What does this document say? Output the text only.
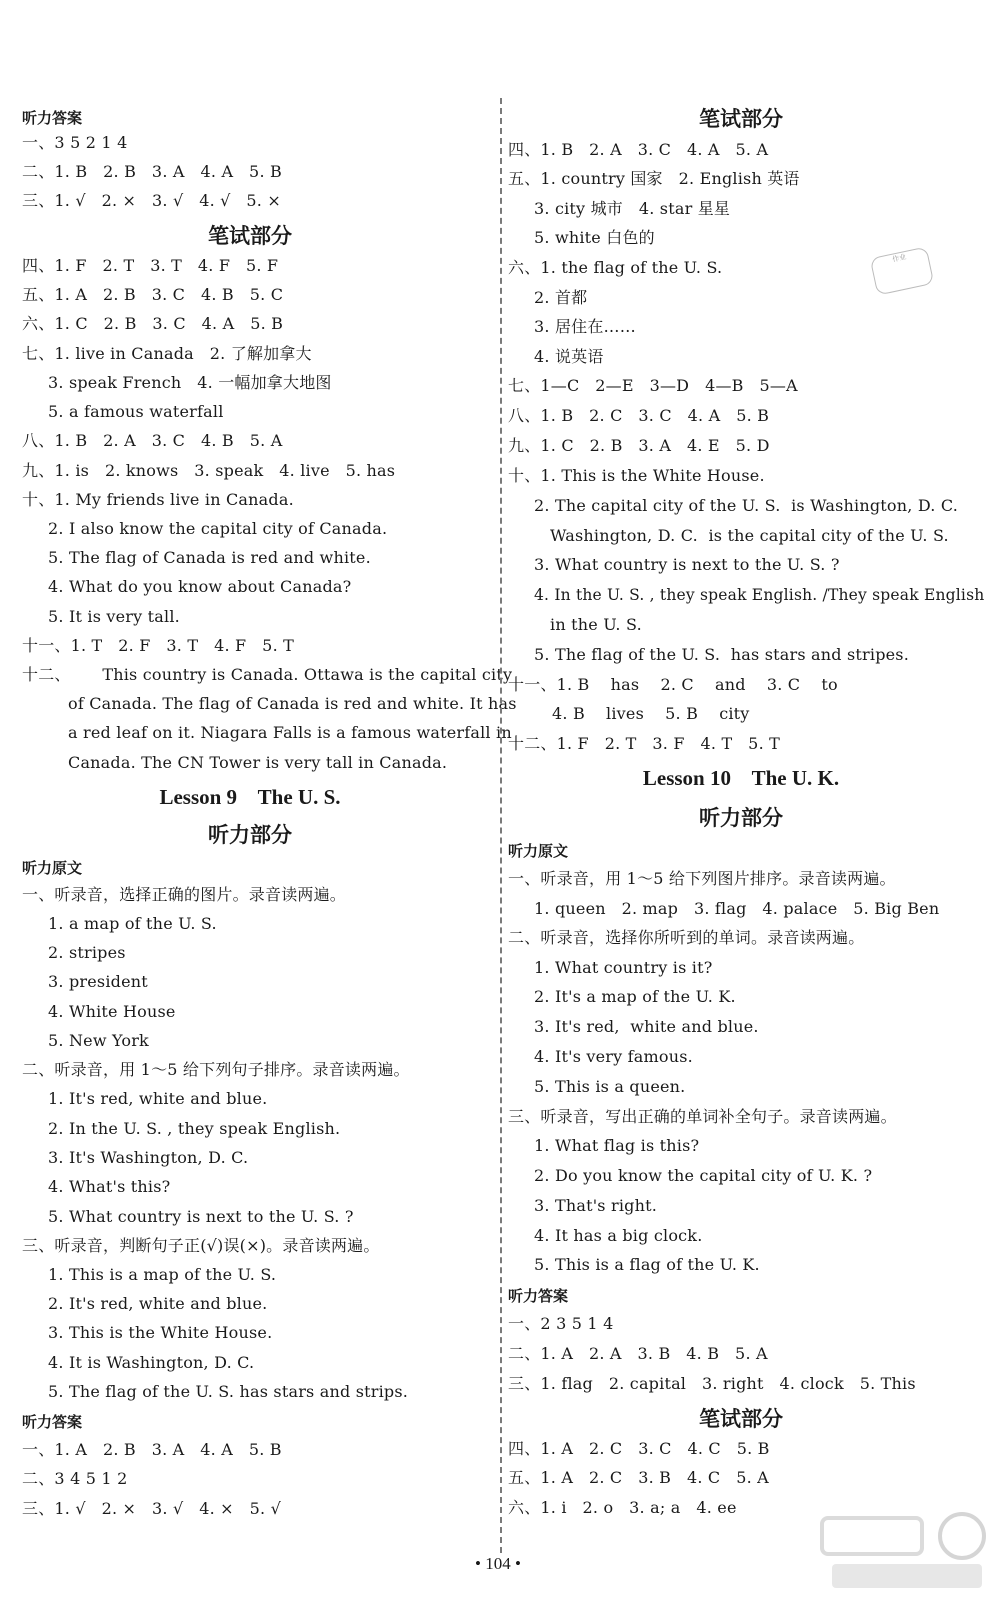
听力答案
一、3 5 2 1 4
二、1. B   2. B   3. A   4. A   5. B
三、1. √   2. ×   3. √   4. √   5. ×
笔试部分
四、1. F   2. T   3. T   4. F   5. F
五、1. A   2. B   3. C   4. B   5. C
六、1. C   2. B   3. C   4. A   5. B
七、1. live in Canada   2. 了解加拿大
3. speak French   4. 一幅加拿大地图
5. a famous waterfall
八、1. B   2. A   3. C   4. B   5. A
九、1. is   2. knows   3. speak   4. live   5. has
十、1. My friends live in Canada.
2. I also know the capital city of Canada.
5. The flag of Canada is red and white.
4. What do you know about Canada?
5. It is very tall.
十一、1. T   2. F   3. T   4. F   5. T
十二、      This country is Canada. Ottawa is the capital city
of Canada. The flag of Canada is red and white. It has
a red leaf on it. Niagara Falls is a famous waterfall in
Canada. The CN Tower is very tall in Canada.
Lesson 9    The U. S.
听力部分
听力原文
一、听录音，选择正确的图片。录音读两遍。
1. a map of the U. S.
2. stripes
3. president
4. White House
5. New York
二、听录音，用 1～5 给下列句子排序。录音读两遍。
1. It's red, white and blue.
2. In the U. S. , they speak English.
3. It's Washington, D. C.
4. What's this?
5. What country is next to the U. S. ?
三、听录音，判断句子正(√)误(×)。录音读两遍。
1. This is a map of the U. S.
2. It's red, white and blue.
3. This is the White House.
4. It is Washington, D. C.
5. The flag of the U. S. has stars and strips.
听力答案
一、1. A   2. B   3. A   4. A   5. B
二、3 4 5 1 2
三、1. √   2. ×   3. √   4. ×   5. √
笔试部分
四、1. B   2. A   3. C   4. A   5. A
五、1. country 国家   2. English 英语
3. city 城市   4. star 星星
5. white 白色的
六、1. the flag of the U. S.
2. 首都
3. 居住在……
4. 说英语
七、1—C   2—E   3—D   4—B   5—A
八、1. B   2. C   3. C   4. A   5. B
九、1. C   2. B   3. A   4. E   5. D
十、1. This is the White House.
2. The capital city of the U. S.  is Washington, D. C.
Washington, D. C.  is the capital city of the U. S.
3. What country is next to the U. S. ?
4. In the U. S. , they speak English. /They speak English
in the U. S.
5. The flag of the U. S.  has stars and stripes.
十一、1. B    has    2. C    and    3. C    to
4. B    lives    5. B    city
十二、1. F   2. T   3. F   4. T   5. T
Lesson 10    The U. K.
听力部分
听力原文
一、听录音，用 1～5 给下列图片排序。录音读两遍。
1. queen   2. map   3. flag   4. palace   5. Big Ben
二、听录音，选择你所听到的单词。录音读两遍。
1. What country is it?
2. It's a map of the U. K.
3. It's red,  white and blue.
4. It's very famous.
5. This is a queen.
三、听录音，写出正确的单词补全句子。录音读两遍。
1. What flag is this?
2. Do you know the capital city of U. K. ?
3. That's right.
4. It has a big clock.
5. This is a flag of the U. K.
听力答案
一、2 3 5 1 4
二、1. A   2. A   3. B   4. B   5. A
三、1. flag   2. capital   3. right   4. clock   5. This
笔试部分
四、1. A   2. C   3. C   4. C   5. B
五、1. A   2. C   3. B   4. C   5. A
六、1. i   2. o   3. a; a   4. ee
作业
• 104 •
